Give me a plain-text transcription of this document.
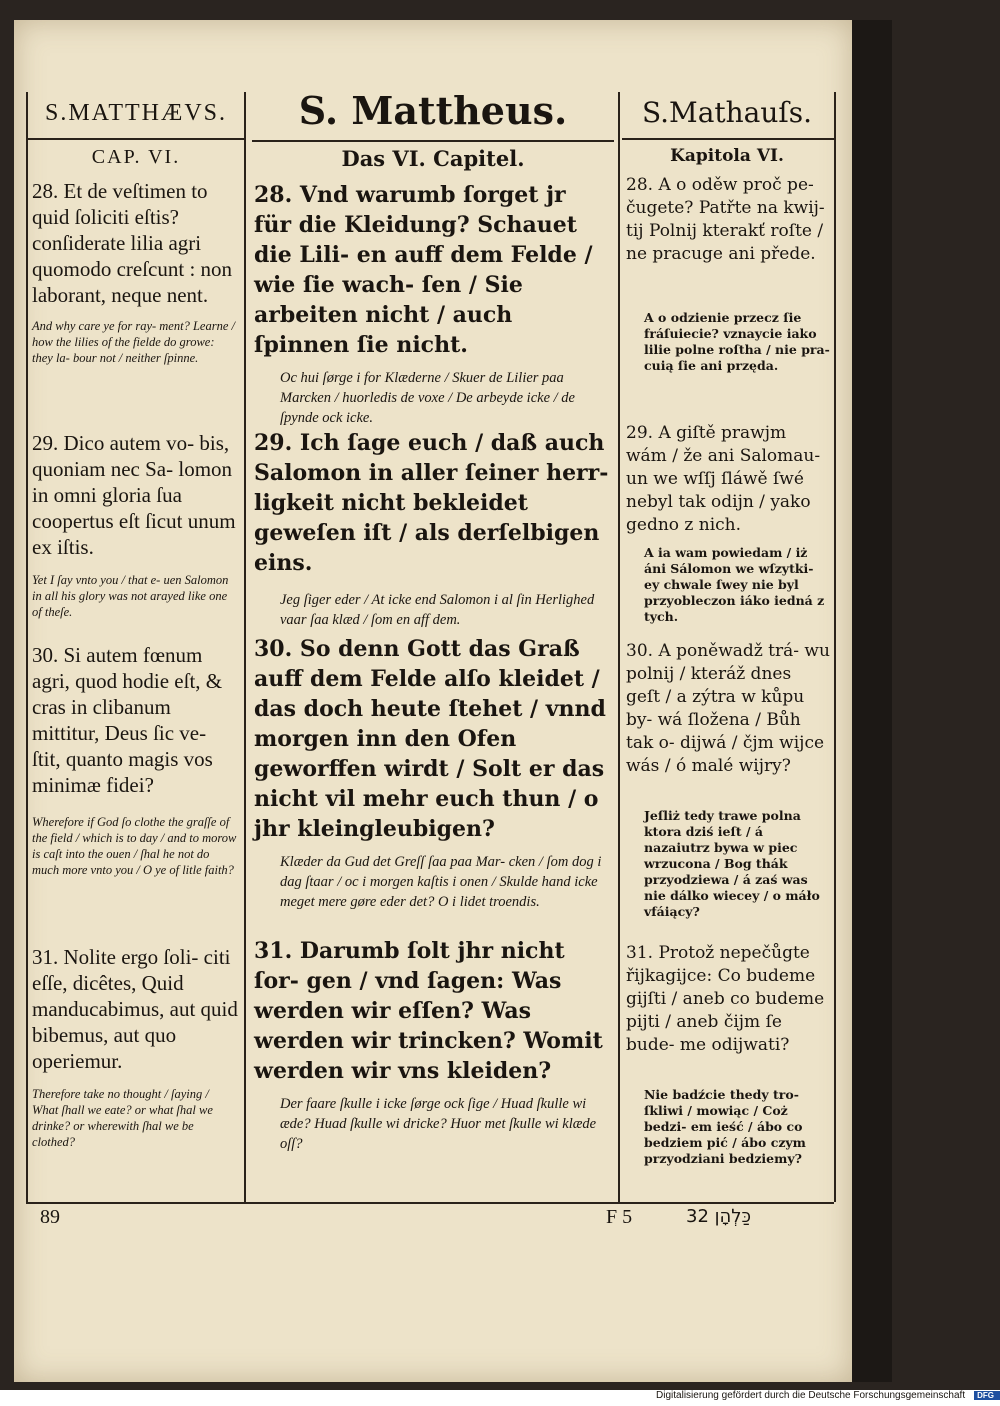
S.MATTHÆVS.	S. Mattheus.	S.Mathauſs.
CAP. VI.	Das VI. Capitel.	Kapitola VI.

28. Et de veſtimen to quid ſoliciti eſtis? conſiderate lilia agri quomodo creſcunt : non laborant, neque nent.

And why care ye for ray- ment? Learne / how the lilies of the fielde do growe: they la- bour not / neither ſpinne.

29. Dico autem vo- bis, quoniam nec Sa- lomon in omni gloria ſua coopertus eſt ſicut unum ex iſtis.

Yet I ſay vnto you / that e- uen Salomon in all his glory was not arayed like one of theſe.

30. Si autem fœnum agri, quod hodie eſt, & cras in clibanum mittitur, Deus ſic ve- ſtit, quanto magis vos minimæ fidei?

Wherefore if God ſo clothe the graſſe of the field / which is to day / and to morow is caſt into the ouen / ſhal he not do much more vnto you / O ye of litle faith?

31. Nolite ergo ſoli- citi eſſe, dicêtes, Quid manducabimus, aut quid bibemus, aut quo operiemur.

Therefore take no thought / ſaying / What ſhall we eate? or what ſhal we drinke? or wherewith ſhal we be clothed?

28. Vnd warumb ſorget jr für die Kleidung? Schauet die Lili- en auff dem Felde / wie ſie wach- ſen / Sie arbeiten nicht / auch ſpinnen ſie nicht.

Oc hui ſørge i for Klæderne / Skuer de Lilier paa Marcken / huorledis de voxe / De arbeyde icke / de ſpynde ock icke.

29. Ich ſage euch / daß auch Salomon in aller ſeiner herr- ligkeit nicht bekleidet geweſen iſt / als derſelbigen eins.

Jeg ſiger eder / At icke end Salomon i al ſin Herlighed vaar ſaa klæd / ſom en aff dem.

30. So denn Gott das Graß auff dem Felde alſo kleidet / das doch heute ſtehet / vnnd morgen inn den Ofen geworffen wirdt / Solt er das nicht vil mehr euch thun / o jhr kleingleubigen?

Klæder da Gud det Greſſ ſaa paa Mar- cken / ſom dog i dag ſtaar / oc i morgen kaſtis i onen / Skulde hand icke meget mere gøre eder det? O i lidet troendis.

31. Darumb ſolt jhr nicht ſor- gen / vnd ſagen: Was werden wir eſſen? Was werden wir trincken? Womit werden wir vns kleiden?

Der faare ſkulle i icke ſørge ock ſige / Huad ſkulle wi æde? Huad ſkulle wi dricke? Huor met ſkulle wi klæde oſſ?

28. A o oděw proč pe- čugete? Patřte na kwij- tij Polnij kterakť roſte / ne pracuge ani přede.

A o odzienie przecz ſie fráſuiecie? vznaycie iako lilie polne roſtha / nie pra- cuią ſie ani przęda.

29. A giſtě prawjm wám / že ani Salomau- un we wſſj ſláwě ſwé nebyl tak odijn / yako gedno z nich.

A ia wam powiedam / iż áni Sálomon we wſzytki- ey chwale ſwey nie byl przyobleczon iáko iedná z tych.

30. A poněwadž trá- wu polnij / kteráž dnes geſt / a zýtra w kůpu by- wá ſložena / Bůh tak o- dijwá / čjm wijce wás / ó malé wijry?

Jeſliż tedy trawe polna ktora dziś ieſt / á nazaiutrz bywa w piec wrzucona / Bog thák przyodziewa / á zaś was nie dálko wiecey / o máło vfáiący?

31. Protož nepečůgte řijkagijce: Co budeme gijſti / aneb co budeme pijti / aneb čijm ſe bude- me odijwati?

Nie badźcie thedy tro- ſkliwi / mowiąc / Coż bedzi- em ieść / ábo co bedziem pić / ábo czym przyodziani bedziemy?

89	F 5	כַּלְהָן 32
Digitalisierung gefördert durch die Deutsche Forschungsgemeinschaft DFG
